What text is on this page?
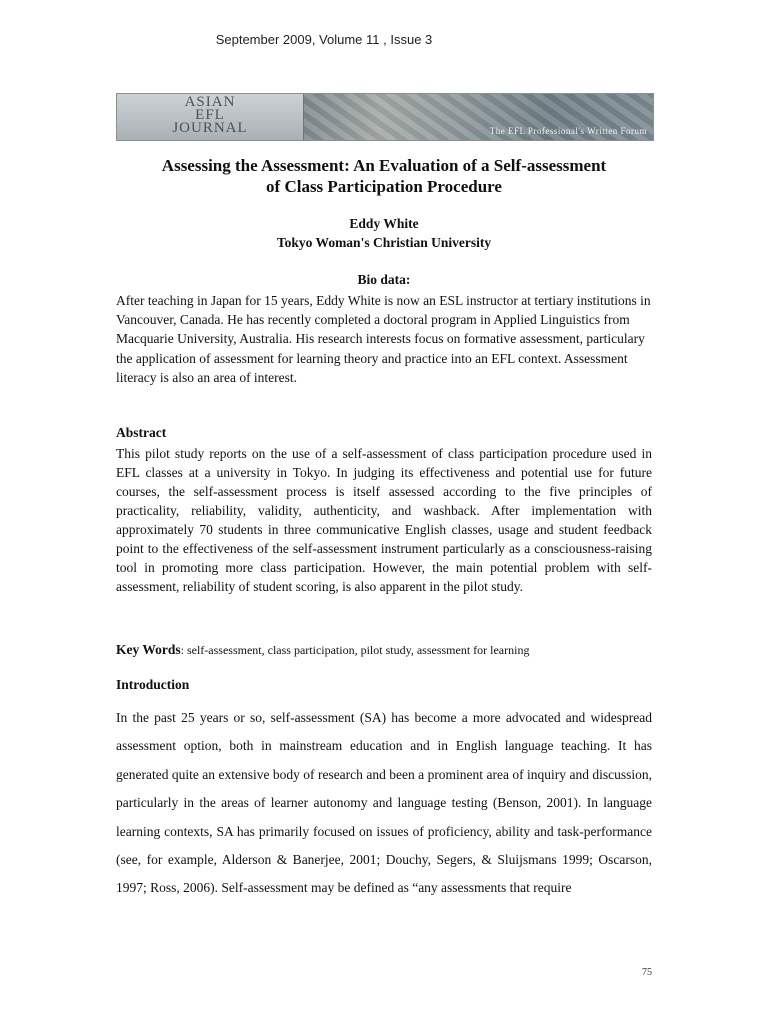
September 2009, Volume 11 , Issue 3
ASIAN
EFL
JOURNAL	The EFL Professional's Written Forum
Assessing the Assessment: An Evaluation of a Self-assessment
of Class Participation Procedure
Eddy White
Tokyo Woman's Christian University
Bio data:
After teaching in Japan for 15 years, Eddy White is now an ESL instructor at tertiary institutions in Vancouver, Canada. He has recently completed a doctoral program in Applied Linguistics from Macquarie University, Australia. His research interests focus on formative assessment, particulary the application of assessment for learning theory and practice into an EFL context. Assessment literacy is also an area of interest.
Abstract
This pilot study reports on the use of a self-assessment of class participation procedure used in EFL classes at a university in Tokyo. In judging its effectiveness and potential use for future courses, the self-assessment process is itself assessed according to the five principles of practicality, reliability, validity, authenticity, and washback. After implementation with approximately 70 students in three communicative English classes, usage and student feedback point to the effectiveness of the self-assessment instrument particularly as a consciousness-raising tool in promoting more class participation. However, the main potential problem with self-assessment, reliability of student scoring, is also apparent in the pilot study.
Key Words: self-assessment, class participation, pilot study, assessment for learning
Introduction
In the past 25 years or so, self-assessment (SA) has become a more advocated and widespread assessment option, both in mainstream education and in English language teaching. It has generated quite an extensive body of research and been a prominent area of inquiry and discussion, particularly in the areas of learner autonomy and language testing (Benson, 2001). In language learning contexts, SA has primarily focused on issues of proficiency, ability and task-performance (see, for example, Alderson & Banerjee, 2001; Douchy, Segers, & Sluijsmans 1999; Oscarson, 1997; Ross, 2006). Self-assessment may be defined as “any assessments that require
75
